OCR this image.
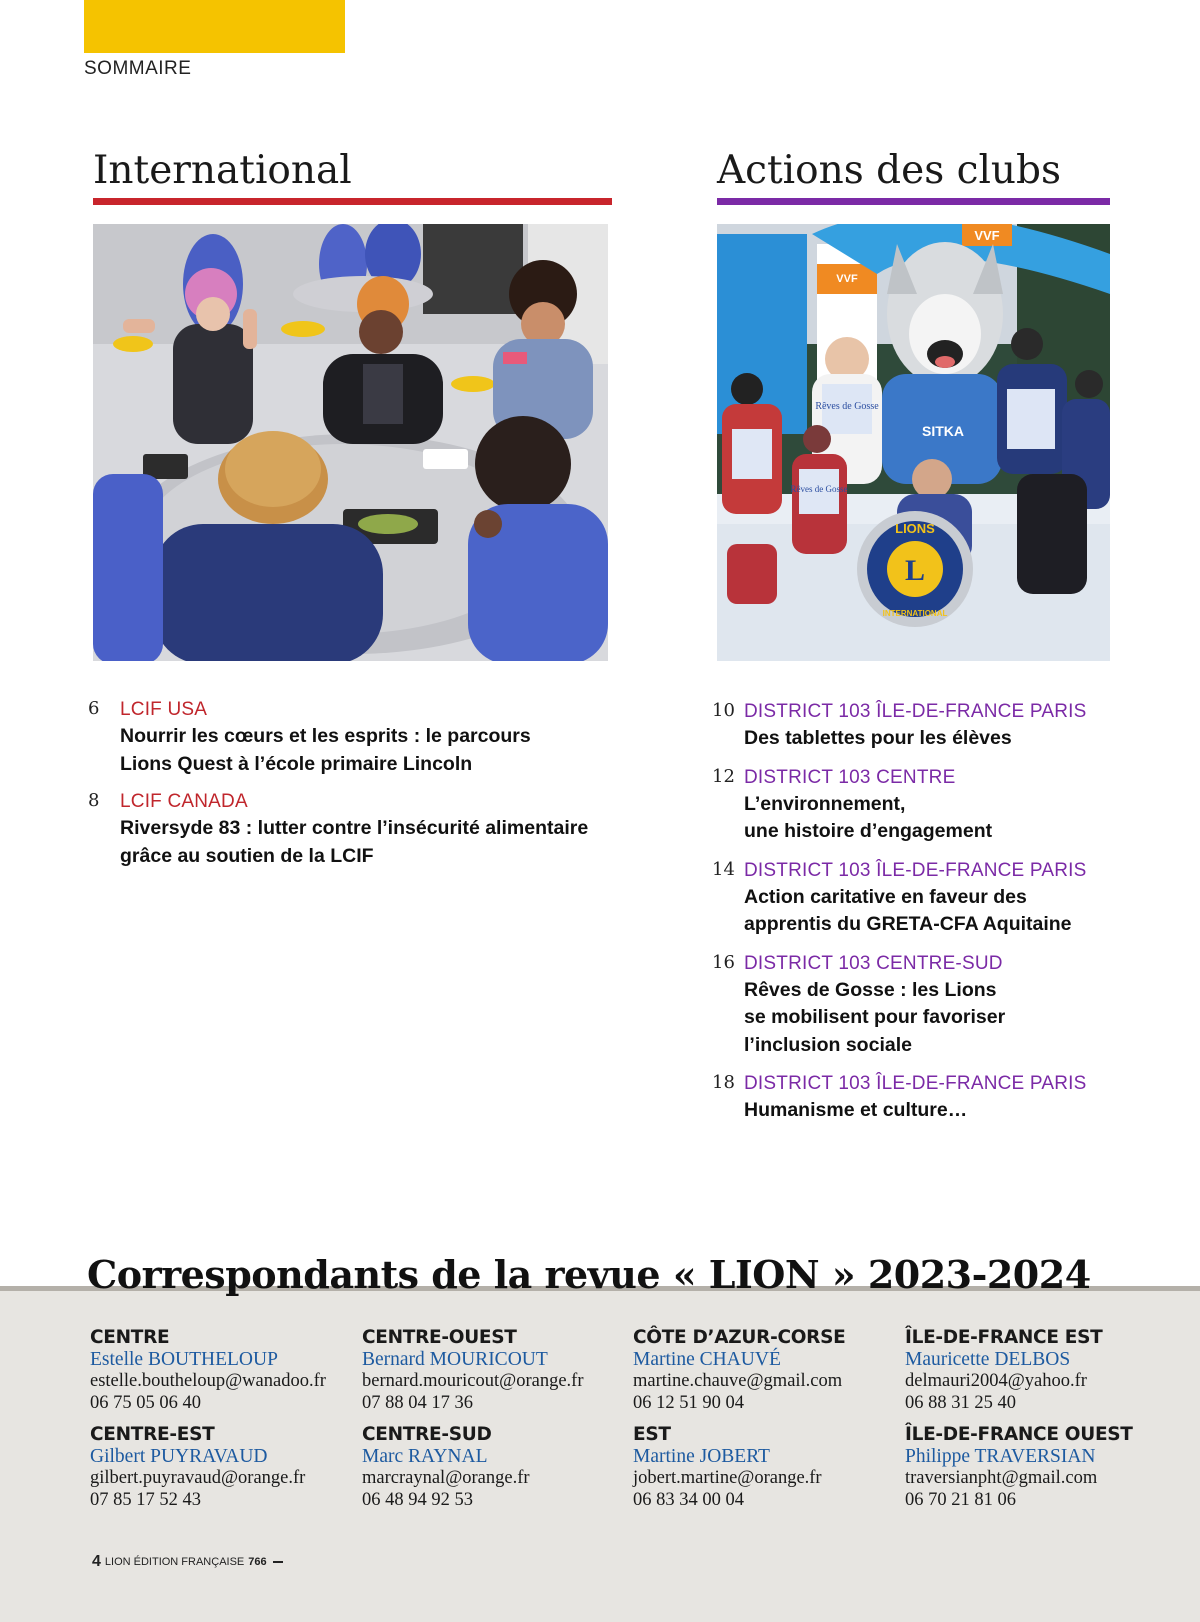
SOMMAIRE
International
6 LCIF USA
Nourrir les cœurs et les esprits : le parcours
Lions Quest à l’école primaire Lincoln
8 LCIF CANADA
Riversyde 83 : lutter contre l’insécurité alimentaire
grâce au soutien de la LCIF
Actions des clubs
VVF
VVF
Rêves de Gosse
SITKA
Rêves de Gosse
LIONS
L
INTERNATIONAL
10 DISTRICT 103 ÎLE-DE-FRANCE PARIS
Des tablettes pour les élèves
12 DISTRICT 103 CENTRE
L’environnement,
une histoire d’engagement
14 DISTRICT 103 ÎLE-DE-FRANCE PARIS
Action caritative en faveur des
apprentis du GRETA-CFA Aquitaine
16 DISTRICT 103 CENTRE-SUD
Rêves de Gosse : les Lions
se mobilisent pour favoriser
l’inclusion sociale
18 DISTRICT 103 ÎLE-DE-FRANCE PARIS
Humanisme et culture…
Correspondants de la revue « LION » 2023-2024
CENTRE
Estelle BOUTHELOUP
estelle.boutheloup@wanadoo.fr
06 75 05 06 40
CENTRE-OUEST
Bernard MOURICOUT
bernard.mouricout@orange.fr
07 88 04 17 36
CÔTE D’AZUR-CORSE
Martine CHAUVÉ
martine.chauve@gmail.com
06 12 51 90 04
ÎLE-DE-FRANCE EST
Mauricette DELBOS
delmauri2004@yahoo.fr
06 88 31 25 40
CENTRE-EST
Gilbert PUYRAVAUD
gilbert.puyravaud@orange.fr
07 85 17 52 43
CENTRE-SUD
Marc RAYNAL
marcraynal@orange.fr
06 48 94 92 53
EST
Martine JOBERT
jobert.martine@orange.fr
06 83 34 00 04
ÎLE-DE-FRANCE OUEST
Philippe TRAVERSIAN
traversianpht@gmail.com
06 70 21 81 06
4 LION ÉDITION FRANÇAISE 766
